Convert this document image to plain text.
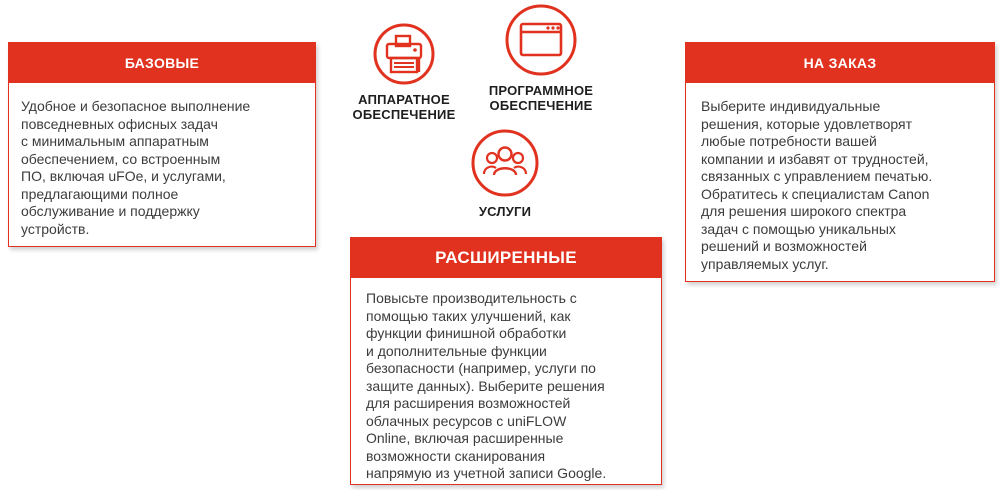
БАЗОВЫЕ
Удобное и безопасное выполнение
повседневных офисных задач
с минимальным аппаратным
обеспечением, со встроенным
ПО, включая uFOe, и услугами,
предлагающими полное
обслуживание и поддержку
устройств.
АППАРАТНОЕ
ОБЕСПЕЧЕНИЕ
ПРОГРАММНОЕ
ОБЕСПЕЧЕНИЕ
УСЛУГИ
РАСШИРЕННЫЕ
Повысьте производительность с
помощью таких улучшений, как
функции финишной обработки
и дополнительные функции
безопасности (например, услуги по
защите данных). Выберите решения
для расширения возможностей
облачных ресурсов с uniFLOW
Online, включая расширенные
возможности сканирования
напрямую из учетной записи Google.
НА ЗАКАЗ
Выберите индивидуальные
решения, которые удовлетворят
любые потребности вашей
компании и избавят от трудностей,
связанных с управлением печатью.
Обратитесь к специалистам Canon
для решения широкого спектра
задач с помощью уникальных
решений и возможностей
управляемых услуг.
